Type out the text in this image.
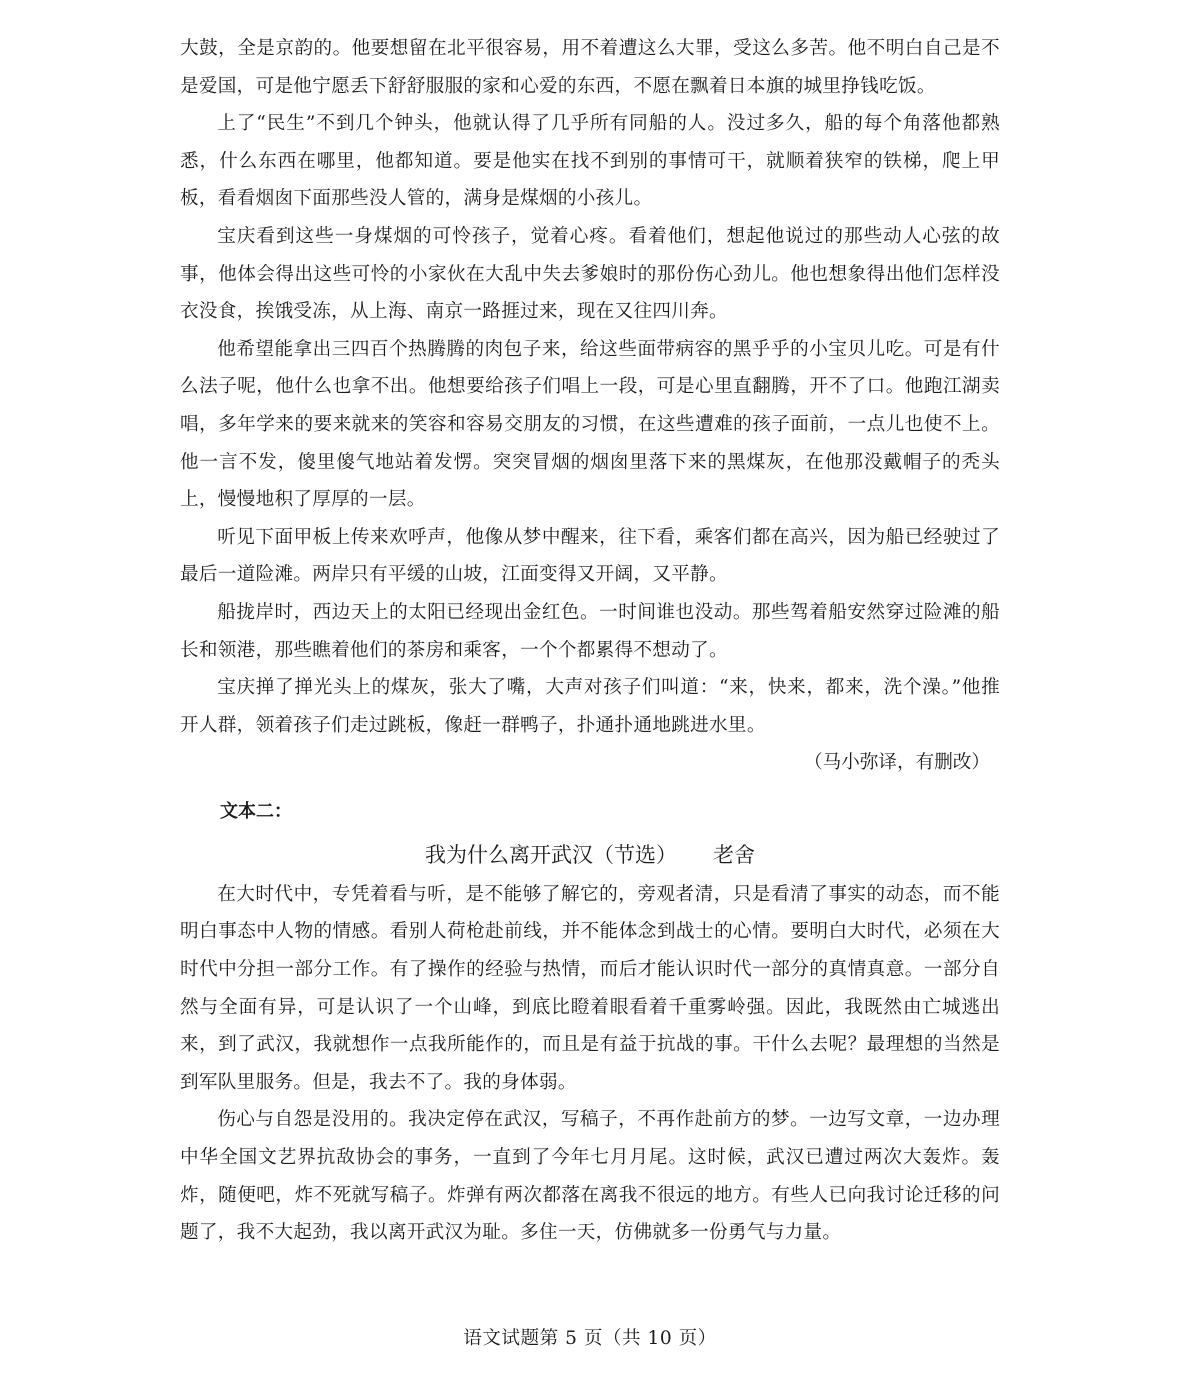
大鼓，全是京韵的。他要想留在北平很容易，用不着遭这么大罪，受这么多苦。他不明白自己是不是爱国，可是他宁愿丢下舒舒服服的家和心爱的东西，不愿在飘着日本旗的城里挣钱吃饭。

上了“民生”不到几个钟头，他就认得了几乎所有同船的人。没过多久，船的每个角落他都熟悉，什么东西在哪里，他都知道。要是他实在找不到别的事情可干，就顺着狭窄的铁梯，爬上甲板，看看烟囱下面那些没人管的，满身是煤烟的小孩儿。

宝庆看到这些一身煤烟的可怜孩子，觉着心疼。看着他们，想起他说过的那些动人心弦的故事，他体会得出这些可怜的小家伙在大乱中失去爹娘时的那份伤心劲儿。他也想象得出他们怎样没衣没食，挨饿受冻，从上海、南京一路捱过来，现在又往四川奔。

他希望能拿出三四百个热腾腾的肉包子来，给这些面带病容的黑乎乎的小宝贝儿吃。可是有什么法子呢，他什么也拿不出。他想要给孩子们唱上一段，可是心里直翻腾，开不了口。他跑江湖卖唱，多年学来的要来就来的笑容和容易交朋友的习惯，在这些遭难的孩子面前，一点儿也使不上。他一言不发，傻里傻气地站着发愣。突突冒烟的烟囱里落下来的黑煤灰，在他那没戴帽子的秃头上，慢慢地积了厚厚的一层。

听见下面甲板上传来欢呼声，他像从梦中醒来，往下看，乘客们都在高兴，因为船已经驶过了最后一道险滩。两岸只有平缓的山坡，江面变得又开阔，又平静。

船拢岸时，西边天上的太阳已经现出金红色。一时间谁也没动。那些驾着船安然穿过险滩的船长和领港，那些瞧着他们的茶房和乘客，一个个都累得不想动了。

宝庆掸了掸光头上的煤灰，张大了嘴，大声对孩子们叫道：“来，快来，都来，洗个澡。”他推开人群，领着孩子们走过跳板，像赶一群鸭子，扑通扑通地跳进水里。

（马小弥译，有删改）

文本二：

我为什么离开武汉（节选） 老舍

在大时代中，专凭着看与听，是不能够了解它的，旁观者清，只是看清了事实的动态，而不能明白事态中人物的情感。看别人荷枪赴前线，并不能体念到战士的心情。要明白大时代，必须在大时代中分担一部分工作。有了操作的经验与热情，而后才能认识时代一部分的真情真意。一部分自然与全面有异，可是认识了一个山峰，到底比瞪着眼看着千重雾岭强。因此，我既然由亡城逃出来，到了武汉，我就想作一点我所能作的，而且是有益于抗战的事。干什么去呢？最理想的当然是到军队里服务。但是，我去不了。我的身体弱。

伤心与自怨是没用的。我决定停在武汉，写稿子，不再作赴前方的梦。一边写文章，一边办理中华全国文艺界抗敌协会的事务，一直到了今年七月月尾。这时候，武汉已遭过两次大轰炸。轰炸，随便吧，炸不死就写稿子。炸弹有两次都落在离我不很远的地方。有些人已向我讨论迁移的问题了，我不大起劲，我以离开武汉为耻。多住一天，仿佛就多一份勇气与力量。

语文试题第 5 页（共 10 页）
